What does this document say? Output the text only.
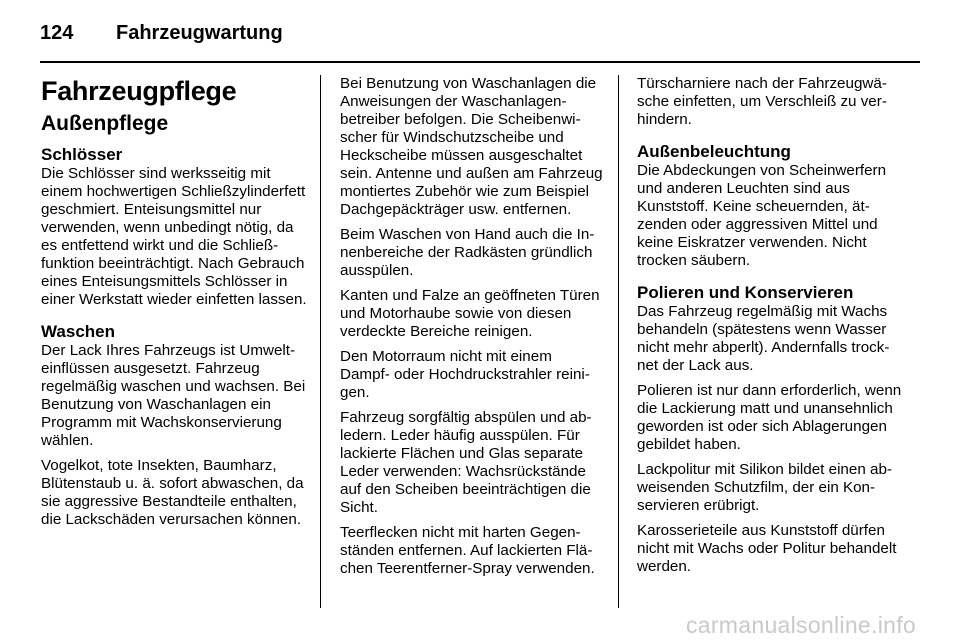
124	Fahrzeugwartung
Fahrzeugpflege
Außenpflege
Schlösser

Die Schlösser sind werksseitig mit einem hochwertigen Schließzylinderfett geschmiert. Enteisungsmittel nur verwenden, wenn unbedingt nötig, da es entfettend wirkt und die Schließfunktion beeinträchtigt. Nach Gebrauch eines Enteisungsmittels Schlösser in einer Werkstatt wieder einfetten lassen.

Waschen

Der Lack Ihres Fahrzeugs ist Umwelteinflüssen ausgesetzt. Fahrzeug regelmäßig waschen und wachsen. Bei Benutzung von Waschanlagen ein Programm mit Wachskonservierung wählen.

Vogelkot, tote Insekten, Baumharz, Blütenstaub u. ä. sofort abwaschen, da sie aggressive Bestandteile enthalten, die Lackschäden verursachen können.

Bei Benutzung von Waschanlagen die Anweisungen der Waschanlagenbetreiber befolgen. Die Scheibenwischer für Windschutzscheibe und Heckscheibe müssen ausgeschaltet sein. Antenne und außen am Fahrzeug montiertes Zubehör wie zum Beispiel Dachgepäckträger usw. entfernen.

Beim Waschen von Hand auch die Innenbereiche der Radkästen gründlich ausspülen.

Kanten und Falze an geöffneten Türen und Motorhaube sowie von diesen verdeckte Bereiche reinigen.

Den Motorraum nicht mit einem Dampf- oder Hochdruckstrahler reinigen.

Fahrzeug sorgfältig abspülen und abledern. Leder häufig ausspülen. Für lackierte Flächen und Glas separate Leder verwenden: Wachsrückstände auf den Scheiben beeinträchtigen die Sicht.

Teerflecken nicht mit harten Gegenständen entfernen. Auf lackierten Flächen Teerentferner-Spray verwenden.

Türscharniere nach der Fahrzeugwäsche einfetten, um Verschleiß zu verhindern.

Außenbeleuchtung

Die Abdeckungen von Scheinwerfern und anderen Leuchten sind aus Kunststoff. Keine scheuernden, ätzenden oder aggressiven Mittel und keine Eiskratzer verwenden. Nicht trocken säubern.

Polieren und Konservieren

Das Fahrzeug regelmäßig mit Wachs behandeln (spätestens wenn Wasser nicht mehr abperlt). Andernfalls trocknet der Lack aus.

Polieren ist nur dann erforderlich, wenn die Lackierung matt und unansehnlich geworden ist oder sich Ablagerungen gebildet haben.

Lackpolitur mit Silikon bildet einen abweisenden Schutzfilm, der ein Konservieren erübrigt.

Karosserieteile aus Kunststoff dürfen nicht mit Wachs oder Politur behandelt werden.

carmanualsonline.info
